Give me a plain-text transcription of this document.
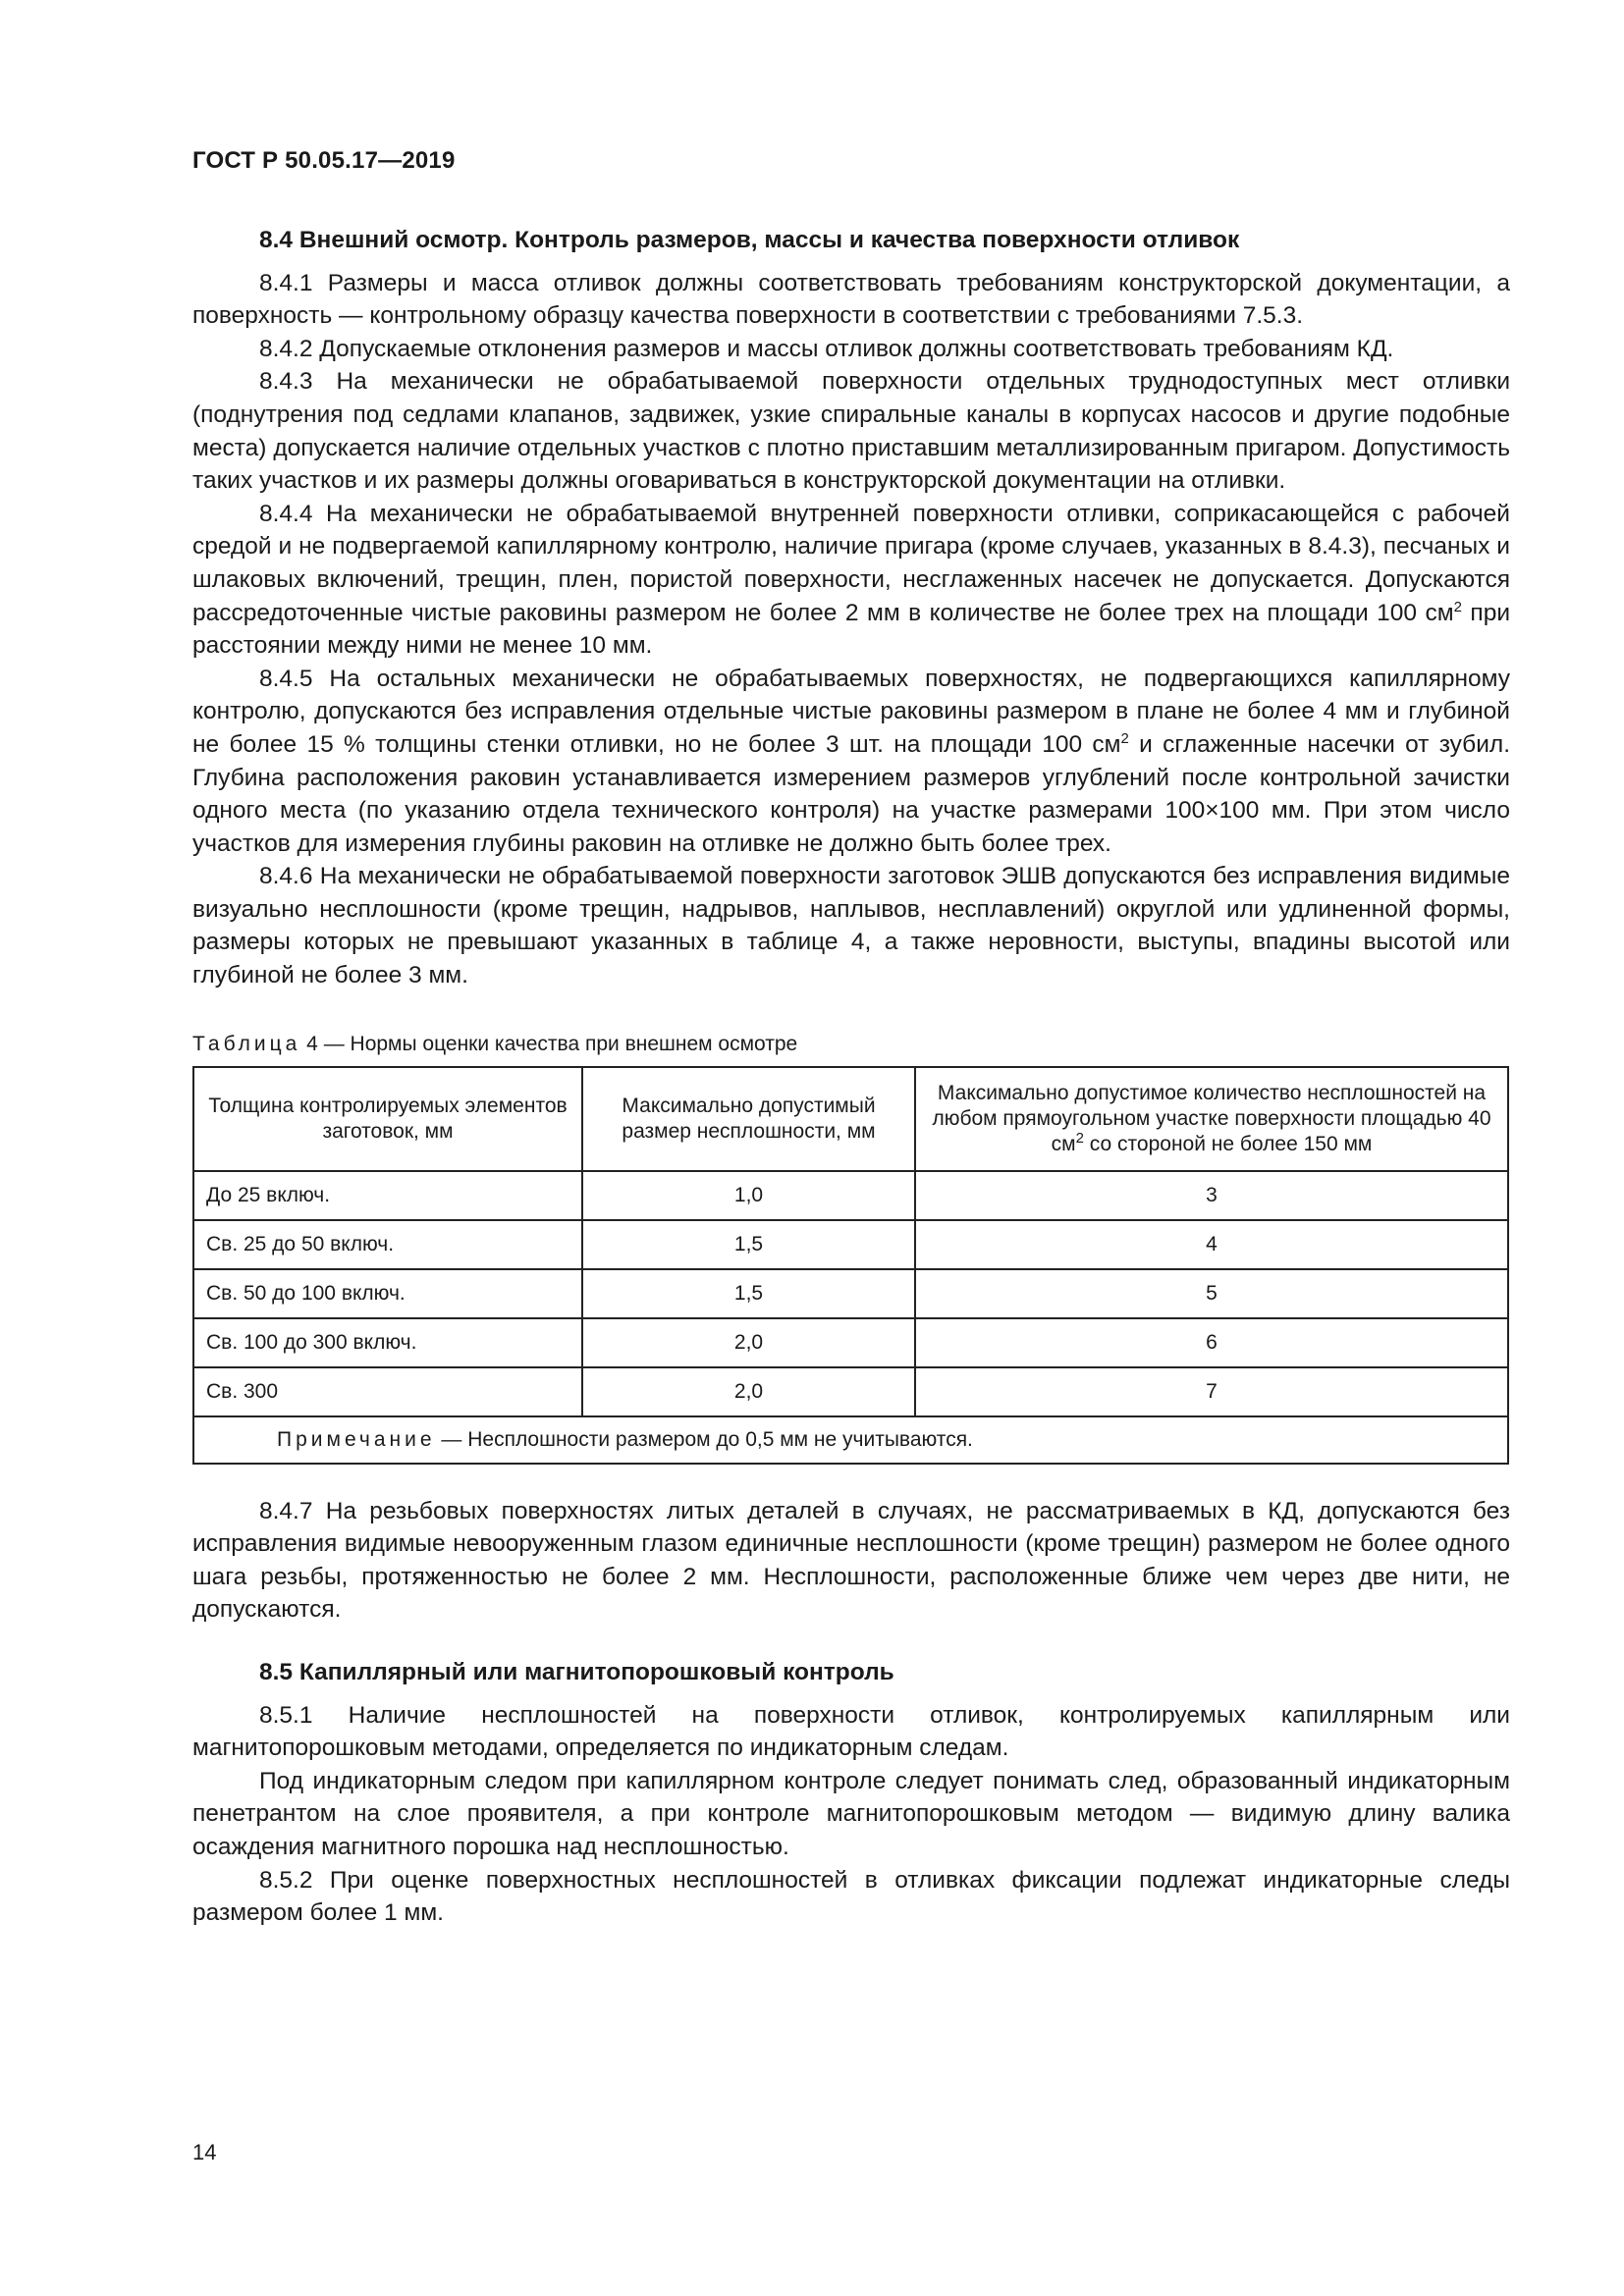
ГОСТ Р 50.05.17—2019

8.4 Внешний осмотр. Контроль размеров, массы и качества поверхности отливок

8.4.1 Размеры и масса отливок должны соответствовать требованиям конструкторской документации, а поверхность — контрольному образцу качества поверхности в соответствии с требованиями 7.5.3.

8.4.2 Допускаемые отклонения размеров и массы отливок должны соответствовать требованиям КД.

8.4.3 На механически не обрабатываемой поверхности отдельных труднодоступных мест отливки (поднутрения под седлами клапанов, задвижек, узкие спиральные каналы в корпусах насосов и другие подобные места) допускается наличие отдельных участков с плотно приставшим металлизированным пригаром. Допустимость таких участков и их размеры должны оговариваться в конструкторской документации на отливки.

8.4.4 На механически не обрабатываемой внутренней поверхности отливки, соприкасающейся с рабочей средой и не подвергаемой капиллярному контролю, наличие пригара (кроме случаев, указанных в 8.4.3), песчаных и шлаковых включений, трещин, плен, пористой поверхности, несглаженных насечек не допускается. Допускаются рассредоточенные чистые раковины размером не более 2 мм в количестве не более трех на площади 100 $см^2$ при расстоянии между ними не менее 10 мм.

8.4.5 На остальных механически не обрабатываемых поверхностях, не подвергающихся капиллярному контролю, допускаются без исправления отдельные чистые раковины размером в плане не более 4 мм и глубиной не более 15 % толщины стенки отливки, но не более 3 шт. на площади 100 $см^2$ и сглаженные насечки от зубил. Глубина расположения раковин устанавливается измерением размеров углублений после контрольной зачистки одного места (по указанию отдела технического контроля) на участке размерами 100×100 мм. При этом число участков для измерения глубины раковин на отливке не должно быть более трех.

8.4.6 На механически не обрабатываемой поверхности заготовок ЭШВ допускаются без исправления видимые визуально несплошности (кроме трещин, надрывов, наплывов, несплавлений) округлой или удлиненной формы, размеры которых не превышают указанных в таблице 4, а также неровности, выступы, впадины высотой или глубиной не более 3 мм.

Таблица 4 — Нормы оценки качества при внешнем осмотре
Толщина контролируемых элементов заготовок, мм	Максимально допустимый размер несплошности, мм	Максимально допустимое количество несплошностей на любом прямоугольном участке поверхности площадью 40 $см^2$ со стороной не более 150 мм
До 25 включ.	1,0	3
Св. 25 до 50 включ.	1,5	4
Св. 50 до 100 включ.	1,5	5
Св. 100 до 300 включ.	2,0	6
Св. 300	2,0	7
Примечание — Несплошности размером до 0,5 мм не учитываются.		

8.4.7 На резьбовых поверхностях литых деталей в случаях, не рассматриваемых в КД, допускаются без исправления видимые невооруженным глазом единичные несплошности (кроме трещин) размером не более одного шага резьбы, протяженностью не более 2 мм. Несплошности, расположенные ближе чем через две нити, не допускаются.

8.5 Капиллярный или магнитопорошковый контроль

8.5.1 Наличие несплошностей на поверхности отливок, контролируемых капиллярным или магнитопорошковым методами, определяется по индикаторным следам.

Под индикаторным следом при капиллярном контроле следует понимать след, образованный индикаторным пенетрантом на слое проявителя, а при контроле магнитопорошковым методом — видимую длину валика осаждения магнитного порошка над несплошностью.

8.5.2 При оценке поверхностных несплошностей в отливках фиксации подлежат индикаторные следы размером более 1 мм.

14
